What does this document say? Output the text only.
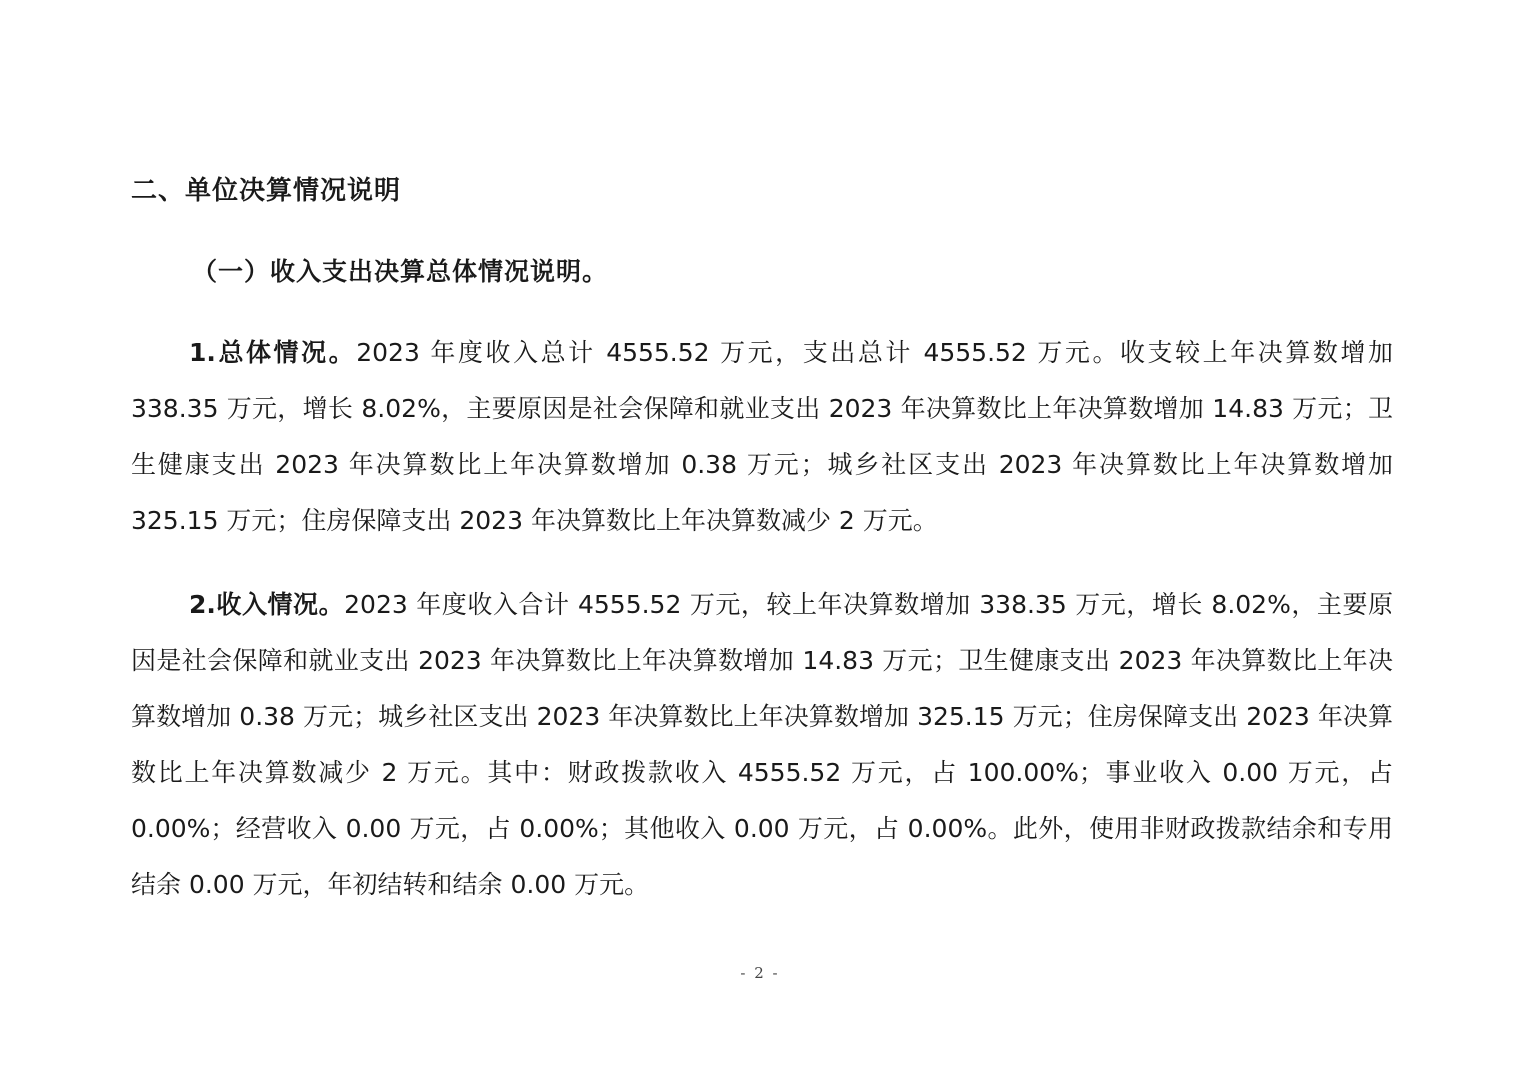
二、单位决算情况说明
（一）收入支出决算总体情况说明。

1.总体情况。2023 年度收入总计 4555.52 万元，支出总计 4555.52 万元。收支较上年决算数增加 338.35 万元，增长 8.02%，主要原因是社会保障和就业支出 2023 年决算数比上年决算数增加 14.83 万元；卫生健康支出 2023 年决算数比上年决算数增加 0.38 万元；城乡社区支出 2023 年决算数比上年决算数增加 325.15 万元；住房保障支出 2023 年决算数比上年决算数减少 2 万元。

2.收入情况。2023 年度收入合计 4555.52 万元，较上年决算数增加 338.35 万元，增长 8.02%，主要原因是社会保障和就业支出 2023 年决算数比上年决算数增加 14.83 万元；卫生健康支出 2023 年决算数比上年决算数增加 0.38 万元；城乡社区支出 2023 年决算数比上年决算数增加 325.15 万元；住房保障支出 2023 年决算数比上年决算数减少 2 万元。其中：财政拨款收入 4555.52 万元，占 100.00%；事业收入 0.00 万元，占 0.00%；经营收入 0.00 万元，占 0.00%；其他收入 0.00 万元，占 0.00%。此外，使用非财政拨款结余和专用结余 0.00 万元，年初结转和结余 0.00 万元。

- 2 -
